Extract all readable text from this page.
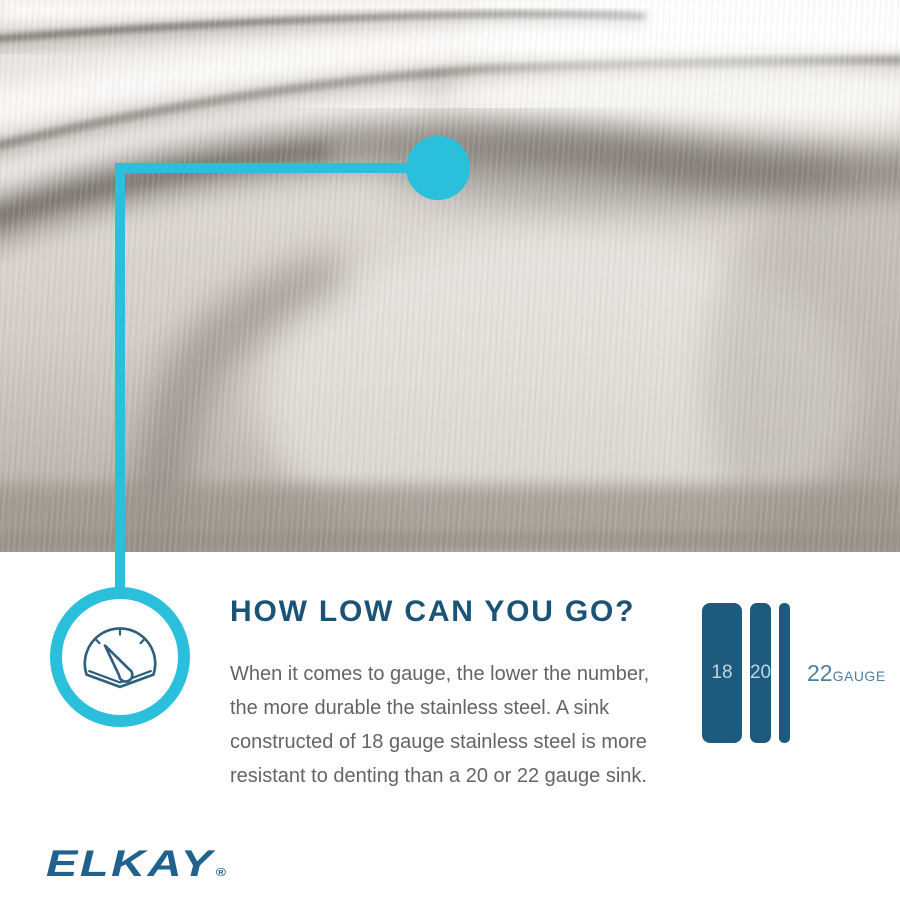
HOW LOW CAN YOU GO?
When it comes to gauge, the lower the number,
the more durable the stainless steel. A sink
constructed of 18 gauge stainless steel is more
resistant to denting than a 20 or 22 gauge sink.
18 20 22GAUGE
ELKAY®
